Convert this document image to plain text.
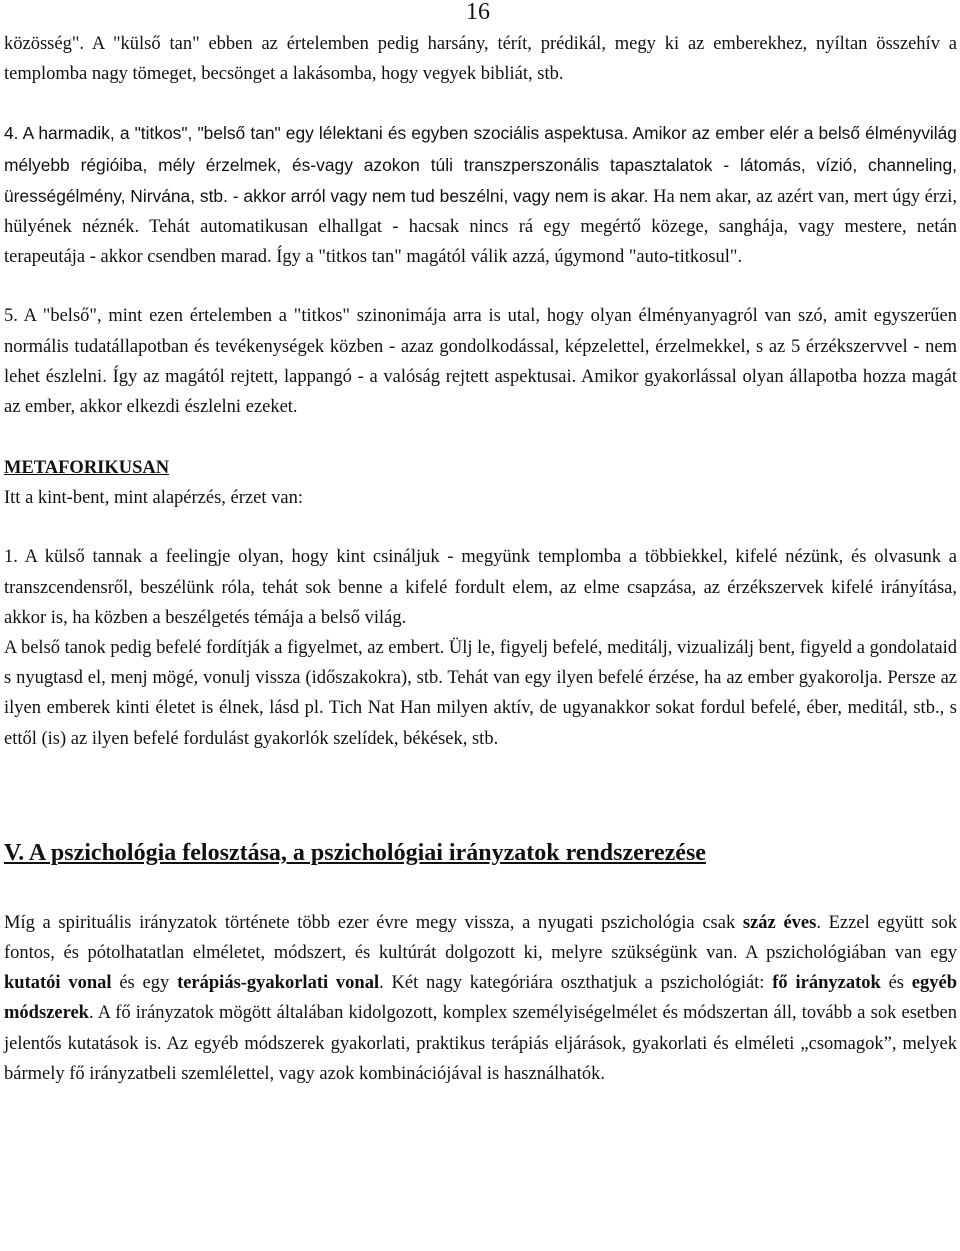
16

közösség". A "külső tan" ebben az értelemben pedig harsány, térít, prédikál, megy ki az emberekhez, nyíltan összehív a templomba nagy tömeget, becsönget a lakásomba, hogy vegyek bibliát, stb.

4. A harmadik, a "titkos", "belső tan" egy lélektani és egyben szociális aspektusa. Amikor az ember elér a belső élményvilág mélyebb régióiba, mély érzelmek, és-vagy azokon túli transzperszonális tapasztalatok - látomás, vízió, channeling, ürességélmény, Nirvána, stb. - akkor arról vagy nem tud beszélni, vagy nem is akar. Ha nem akar, az azért van, mert úgy érzi, hülyének néznék. Tehát automatikusan elhallgat - hacsak nincs rá egy megértő közege, sanghája, vagy mestere, netán terapeutája - akkor csendben marad. Így a "titkos tan" magától válik azzá, úgymond "auto-titkosul".

5. A "belső", mint ezen értelemben a "titkos" szinonimája arra is utal, hogy olyan élményanyagról van szó, amit egyszerűen normális tudatállapotban és tevékenységek közben - azaz gondolkodással, képzelettel, érzelmekkel, s az 5 érzékszervvel - nem lehet észlelni. Így az magától rejtett, lappangó - a valóság rejtett aspektusai. Amikor gyakorlással olyan állapotba hozza magát az ember, akkor elkezdi észlelni ezeket.

METAFORIKUSAN

Itt a kint-bent, mint alapérzés, érzet van:

1. A külső tannak a feelingje olyan, hogy kint csináljuk - megyünk templomba a többiekkel, kifelé nézünk, és olvasunk a transzcendensről, beszélünk róla, tehát sok benne a kifelé fordult elem, az elme csapzása, az érzékszervek kifelé irányítása, akkor is, ha közben a beszélgetés témája a belső világ.

A belső tanok pedig befelé fordítják a figyelmet, az embert. Ülj le, figyelj befelé, meditálj, vizualizálj bent, figyeld a gondolataid s nyugtasd el, menj mögé, vonulj vissza (időszakokra), stb. Tehát van egy ilyen befelé érzése, ha az ember gyakorolja. Persze az ilyen emberek kinti életet is élnek, lásd pl. Tich Nat Han milyen aktív, de ugyanakkor sokat fordul befelé, éber, meditál, stb., s ettől (is) az ilyen befelé fordulást gyakorlók szelídek, békések, stb.

V. A pszichológia felosztása, a pszichológiai irányzatok rendszerezése

Míg a spirituális irányzatok története több ezer évre megy vissza, a nyugati pszichológia csak száz éves. Ezzel együtt sok fontos, és pótolhatatlan elméletet, módszert, és kultúrát dolgozott ki, melyre szükségünk van. A pszichológiában van egy kutatói vonal és egy terápiás-gyakorlati vonal. Két nagy kategóriára oszthatjuk a pszichológiát: fő irányzatok és egyéb módszerek. A fő irányzatok mögött általában kidolgozott, komplex személyiségelmélet és módszertan áll, tovább a sok esetben jelentős kutatások is. Az egyéb módszerek gyakorlati, praktikus terápiás eljárások, gyakorlati és elméleti „csomagok”, melyek bármely fő irányzatbeli szemlélettel, vagy azok kombinációjával is használhatók.
